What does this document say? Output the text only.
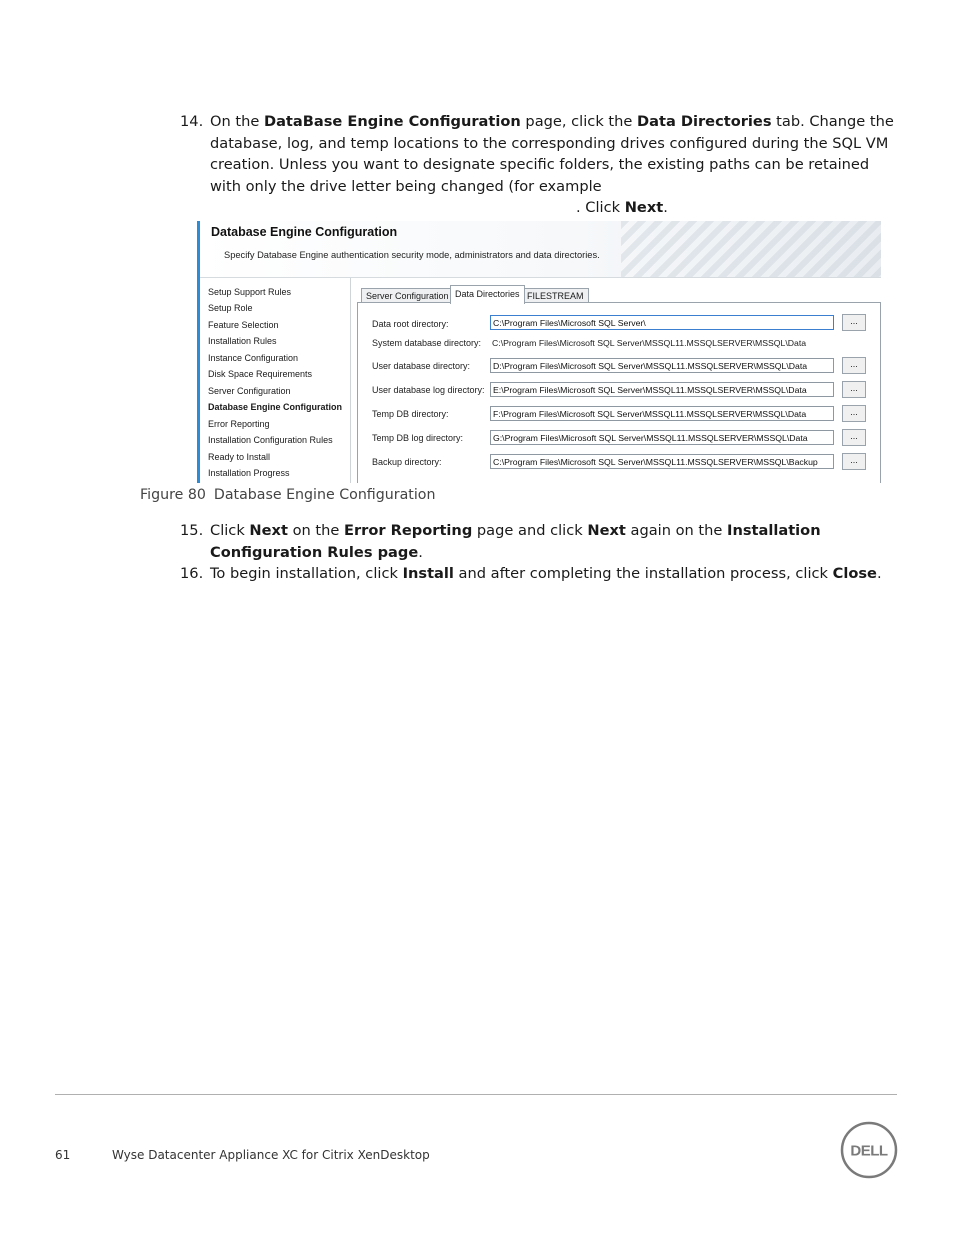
14. On the DataBase Engine Configuration page, click the Data Directories tab. Change the database, log, and temp locations to the corresponding drives configured during the SQL VM creation. Unless you want to designate specific folders, the existing paths can be retained with only the drive letter being changed (for example

. Click Next.

Database Engine Configuration
Specify Database Engine authentication security mode, administrators and data directories.
Setup Support Rules
Setup Role
Feature Selection
Installation Rules
Instance Configuration
Disk Space Requirements
Server Configuration
Database Engine Configuration
Error Reporting
Installation Configuration Rules
Ready to Install
Installation Progress
Server Configuration Data Directories FILESTREAM
Data root directory:	C:\Program Files\Microsoft SQL Server\	...
System database directory: C:\Program Files\Microsoft SQL Server\MSSQL11.MSSQLSERVER\MSSQL\Data
User database directory:	D:\Program Files\Microsoft SQL Server\MSSQL11.MSSQLSERVER\MSSQL\Data	...
User database log directory: E:\Program Files\Microsoft SQL Server\MSSQL11.MSSQLSERVER\MSSQL\Data	...
Temp DB directory:	F:\Program Files\Microsoft SQL Server\MSSQL11.MSSQLSERVER\MSSQL\Data	...
Temp DB log directory:	G:\Program Files\Microsoft SQL Server\MSSQL11.MSSQLSERVER\MSSQL\Data	...
Backup directory:	C:\Program Files\Microsoft SQL Server\MSSQL11.MSSQLSERVER\MSSQL\Backup	...
Figure 80 Database Engine Configuration

15. Click Next on the Error Reporting page and click Next again on the Installation Configuration Rules page.

16. To begin installation, click Install and after completing the installation process, click Close.

61	Wyse Datacenter Appliance XC for Citrix XenDesktop	DELL
